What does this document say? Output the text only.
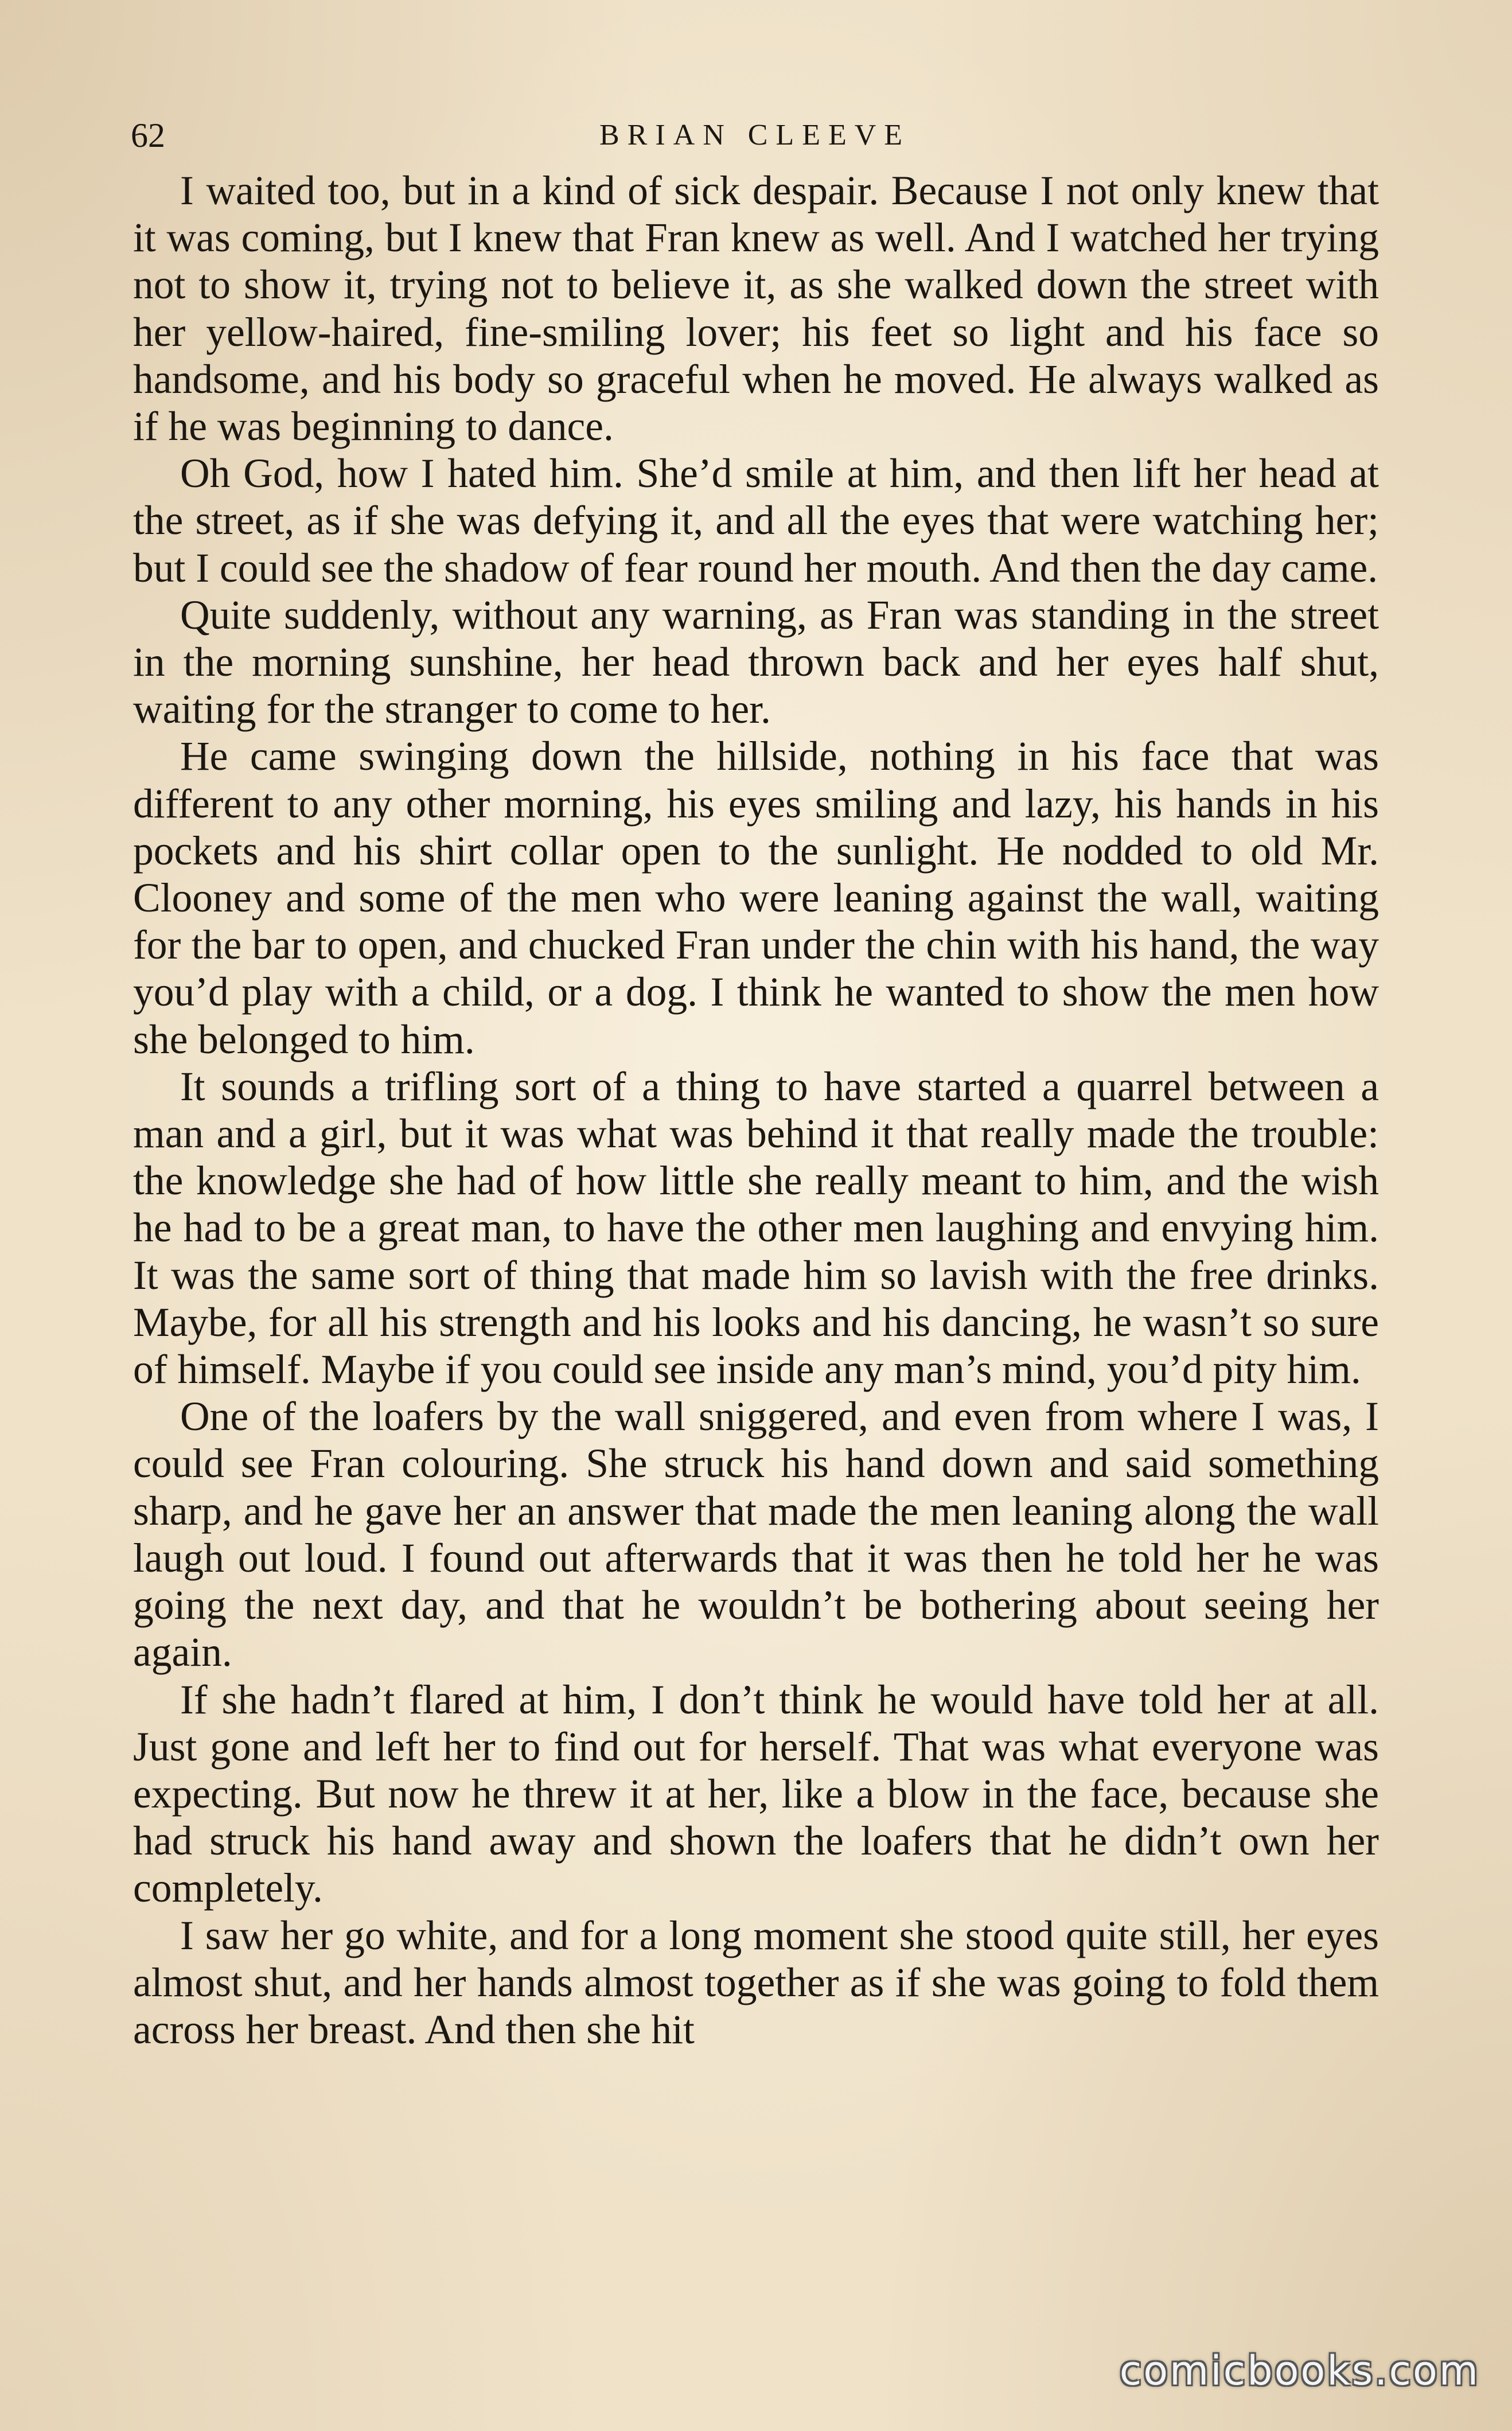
62	BRIAN CLEEVE

I waited too, but in a kind of sick despair. Because I not only knew that it was coming, but I knew that Fran knew as well. And I watched her trying not to show it, trying not to believe it, as she walked down the street with her yellow-haired, fine-smiling lover; his feet so light and his face so handsome, and his body so graceful when he moved. He always walked as if he was beginning to dance.

Oh God, how I hated him. She’d smile at him, and then lift her head at the street, as if she was defying it, and all the eyes that were watching her; but I could see the shadow of fear round her mouth. And then the day came.

Quite suddenly, without any warning, as Fran was standing in the street in the morning sunshine, her head thrown back and her eyes half shut, waiting for the stranger to come to her.

He came swinging down the hillside, nothing in his face that was different to any other morning, his eyes smiling and lazy, his hands in his pockets and his shirt collar open to the sunlight. He nodded to old Mr. Clooney and some of the men who were leaning against the wall, waiting for the bar to open, and chucked Fran under the chin with his hand, the way you’d play with a child, or a dog. I think he wanted to show the men how she belonged to him.

It sounds a trifling sort of a thing to have started a quarrel between a man and a girl, but it was what was behind it that really made the trouble: the knowledge she had of how little she really meant to him, and the wish he had to be a great man, to have the other men laughing and envying him. It was the same sort of thing that made him so lavish with the free drinks. Maybe, for all his strength and his looks and his dancing, he wasn’t so sure of himself. Maybe if you could see inside any man’s mind, you’d pity him.

One of the loafers by the wall sniggered, and even from where I was, I could see Fran colouring. She struck his hand down and said something sharp, and he gave her an answer that made the men leaning along the wall laugh out loud. I found out afterwards that it was then he told her he was going the next day, and that he wouldn’t be bothering about seeing her again.

If she hadn’t flared at him, I don’t think he would have told her at all. Just gone and left her to find out for herself. That was what everyone was expecting. But now he threw it at her, like a blow in the face, because she had struck his hand away and shown the loafers that he didn’t own her completely.

I saw her go white, and for a long moment she stood quite still, her eyes almost shut, and her hands almost together as if she was going to fold them across her breast. And then she hit

comicbooks.com
